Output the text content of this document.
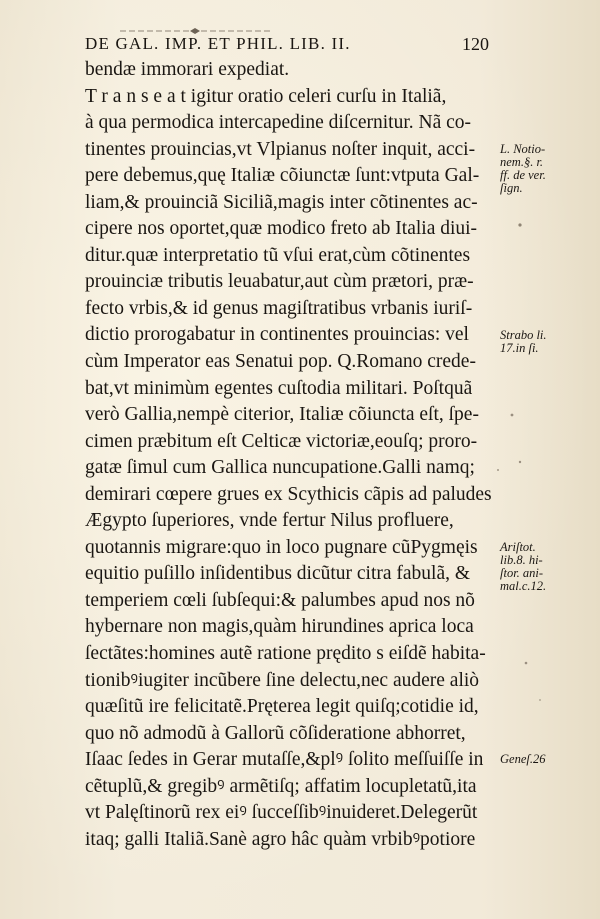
DE GAL. IMP. ET PHIL. LIB. II.	120
bendæ immorari expediat.
T r a n s e a t igitur oratio celeri curſu in Italiã,
à qua permodica intercapedine diſcernitur. Nã co-
tinentes prouincias,vt Vlpianus noſter inquit, acci-
pere debemus,quę Italiæ cõiunctæ ſunt:vtputa Gal-
liam,& prouinciã Siciliã,magis inter cõtinentes ac-
cipere nos oportet,quæ modico freto ab Italia diui-
ditur.quæ interpretatio tũ vſui erat,cùm cõtinentes
prouinciæ tributis leuabatur,aut cùm prætori, præ-
fecto vrbis,& id genus magiſtratibus vrbanis iuriſ-
dictio prorogabatur in continentes prouincias: vel
cùm Imperator eas Senatui pop. Q.Romano crede-
bat,vt minimùm egentes cuſtodia militari. Poſtquã
verò Gallia,nempè citerior, Italiæ cõiuncta eſt, ſpe-
cimen præbitum eſt Celticæ victoriæ,eouſq; proro-
gatæ ſimul cum Gallica nuncupatione.Galli namq;
demirari cœpere grues ex Scythicis cãpis ad paludes
Ægypto ſuperiores, vnde fertur Nilus profluere,
quotannis migrare:quo in loco pugnare cũPygmęis
equitio puſillo inſidentibus dicũtur citra fabulã, &
temperiem cœli ſubſequi:& palumbes apud nos nõ
hybernare non magis,quàm hirundines aprica loca
ſectãtes:homines autẽ ratione prędito s eiſdẽ habita-
tionibꝰiugiter incũbere ſine delectu,nec audere aliò
quæſitũ ire felicitatẽ.Pręterea legit quiſq;cotidie id,
quo nõ admodũ à Gallorũ cõſideratione abhorret,
Iſaac ſedes in Gerar mutaſſe,&plꝰ ſolito meſſuiſſe in
cẽtuplũ,& gregibꝰ armẽtiſq; affatim locupletatũ,ita
vt Palęſtinorũ rex eiꝰ ſucceſſibꝰinuideret.Delegerũt
itaq; galli Italiã.Sanè agro hâc quàm vrbibꝰpotiore
L. Notio-
nem.§. r.
ff. de ver.
ſign.
Strabo li.
17.in ſi.
Ariſtot.
lib.8. hi-
ſtor. ani-
mal.c.12.
Geneſ.26
